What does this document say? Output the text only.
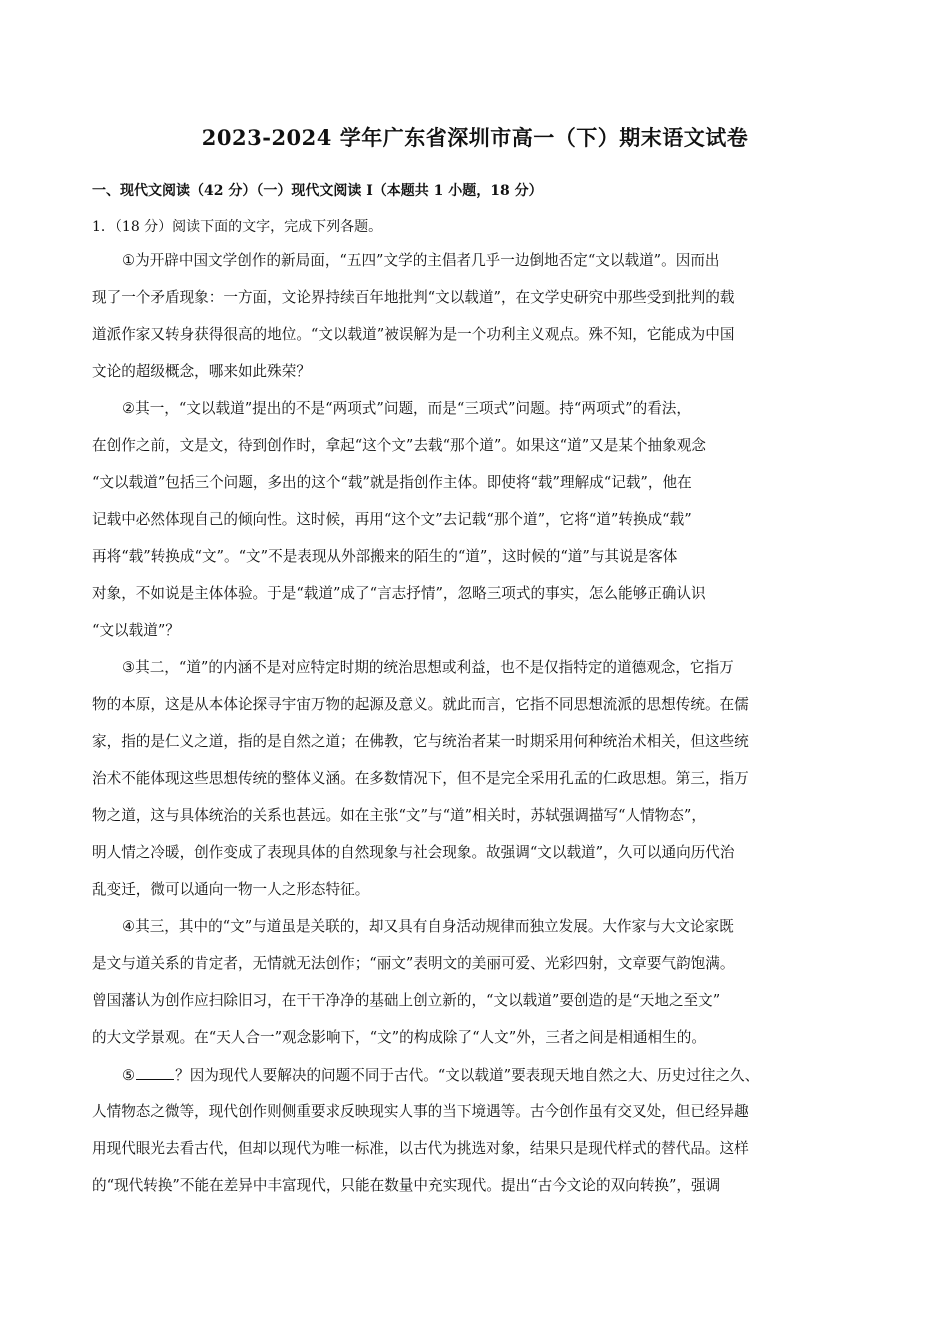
2023-2024 学年广东省深圳市高一（下）期末语文试卷
一、现代文阅读（42 分）（一）现代文阅读 I（本题共 1 小题，18 分）
1．（18 分）阅读下面的文字，完成下列各题。
①为开辟中国文学创作的新局面，“五四”文学的主倡者几乎一边倒地否定“文以载道”。因而出
现了一个矛盾现象：一方面，文论界持续百年地批判“文以载道”，在文学史研究中那些受到批判的载
道派作家又转身获得很高的地位。“文以载道”被误解为是一个功利主义观点。殊不知，它能成为中国
文论的超级概念，哪来如此殊荣？
②其一，“文以载道”提出的不是“两项式”问题，而是“三项式”问题。持“两项式”的看法，
在创作之前，文是文，待到创作时，拿起“这个文”去载“那个道”。如果这“道”又是某个抽象观念
“文以载道”包括三个问题，多出的这个“载”就是指创作主体。即使将“载”理解成“记载”，他在
记载中必然体现自己的倾向性。这时候，再用“这个文”去记载“那个道”，它将“道”转换成“载”
再将“载”转换成“文”。“文”不是表现从外部搬来的陌生的“道”，这时候的“道”与其说是客体
对象，不如说是主体体验。于是“载道”成了“言志抒情”，忽略三项式的事实，怎么能够正确认识
“文以载道”？
③其二，“道”的内涵不是对应特定时期的统治思想或利益，也不是仅指特定的道德观念，它指万
物的本原，这是从本体论探寻宇宙万物的起源及意义。就此而言，它指不同思想流派的思想传统。在儒
家，指的是仁义之道，指的是自然之道；在佛教，它与统治者某一时期采用何种统治术相关，但这些统
治术不能体现这些思想传统的整体义涵。在多数情况下，但不是完全采用孔孟的仁政思想。第三，指万
物之道，这与具体统治的关系也甚远。如在主张“文”与“道”相关时，苏轼强调描写“人情物态”，
明人情之冷暖，创作变成了表现具体的自然现象与社会现象。故强调“文以载道”，久可以通向历代治
乱变迁，微可以通向一物一人之形态特征。
④其三，其中的“文”与道虽是关联的，却又具有自身活动规律而独立发展。大作家与大文论家既
是文与道关系的肯定者，无情就无法创作；“丽文”表明文的美丽可爱、光彩四射，文章要气韵饱满。
曾国藩认为创作应扫除旧习，在干干净净的基础上创立新的，“文以载道”要创造的是“天地之至文”
的大文学景观。在“天人合一”观念影响下，“文”的构成除了“人文”外，三者之间是相通相生的。
⑤	？因为现代人要解决的问题不同于古代。“文以载道”要表现天地自然之大、历史过往之久、
人情物态之微等，现代创作则侧重要求反映现实人事的当下境遇等。古今创作虽有交叉处，但已经异趣
用现代眼光去看古代，但却以现代为唯一标准，以古代为挑选对象，结果只是现代样式的替代品。这样
的“现代转换”不能在差异中丰富现代，只能在数量中充实现代。提出“古今文论的双向转换”，强调
